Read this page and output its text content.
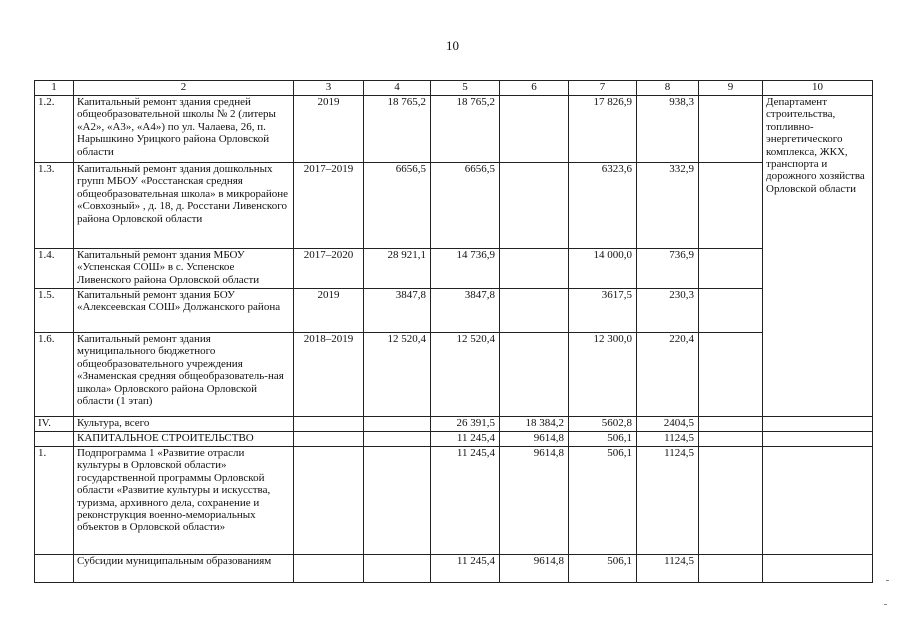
10
1	2	3	4	5	6	7	8	9	10
1.2.	Капитальный ремонт здания средней общеобразовательной школы № 2 (литеры «А2», «А3», «А4») по ул. Чалаева, 26, п. Нарышкино Урицкого района Орловской области	2019	18 765,2	18 765,2		17 826,9	938,3		Департамент строительства, топливно-энергетического комплекса, ЖКХ, транспорта и дорожного хозяйства Орловской области
1.3.	Капитальный ремонт здания дошкольных групп МБОУ «Росстанская средняя общеобразовательная школа» в микрорайоне «Совхозный» , д. 18, д. Росстани Ливенского района Орловской области	2017–2019	6656,5	6656,5		6323,6	332,9		
1.4.	Капитальный ремонт здания МБОУ «Успенская СОШ» в с. Успенское Ливенского района Орловской области	2017–2020	28 921,1	14 736,9		14 000,0	736,9		
1.5.	Капитальный ремонт здания БОУ «Алексеевская СОШ» Должанского района	2019	3847,8	3847,8		3617,5	230,3		
1.6.	Капитальный ремонт здания муниципального бюджетного общеобразовательного учреждения «Знаменская средняя общеобразователь-ная школа» Орловского района Орловской области (1 этап)	2018–2019	12 520,4	12 520,4		12 300,0	220,4		
IV.	Культура, всего			26 391,5	18 384,2	5602,8	2404,5		
	КАПИТАЛЬНОЕ СТРОИТЕЛЬСТВО			11 245,4	9614,8	506,1	1124,5		
1.	Подпрограмма 1 «Развитие отрасли культуры в Орловской области» государственной программы Орловской области «Развитие культуры и искусства, туризма, архивного дела, сохранение и реконструкция военно-мемориальных объектов в Орловской области»			11 245,4	9614,8	506,1	1124,5		
	Субсидии муниципальным образованиям			11 245,4	9614,8	506,1	1124,5		
